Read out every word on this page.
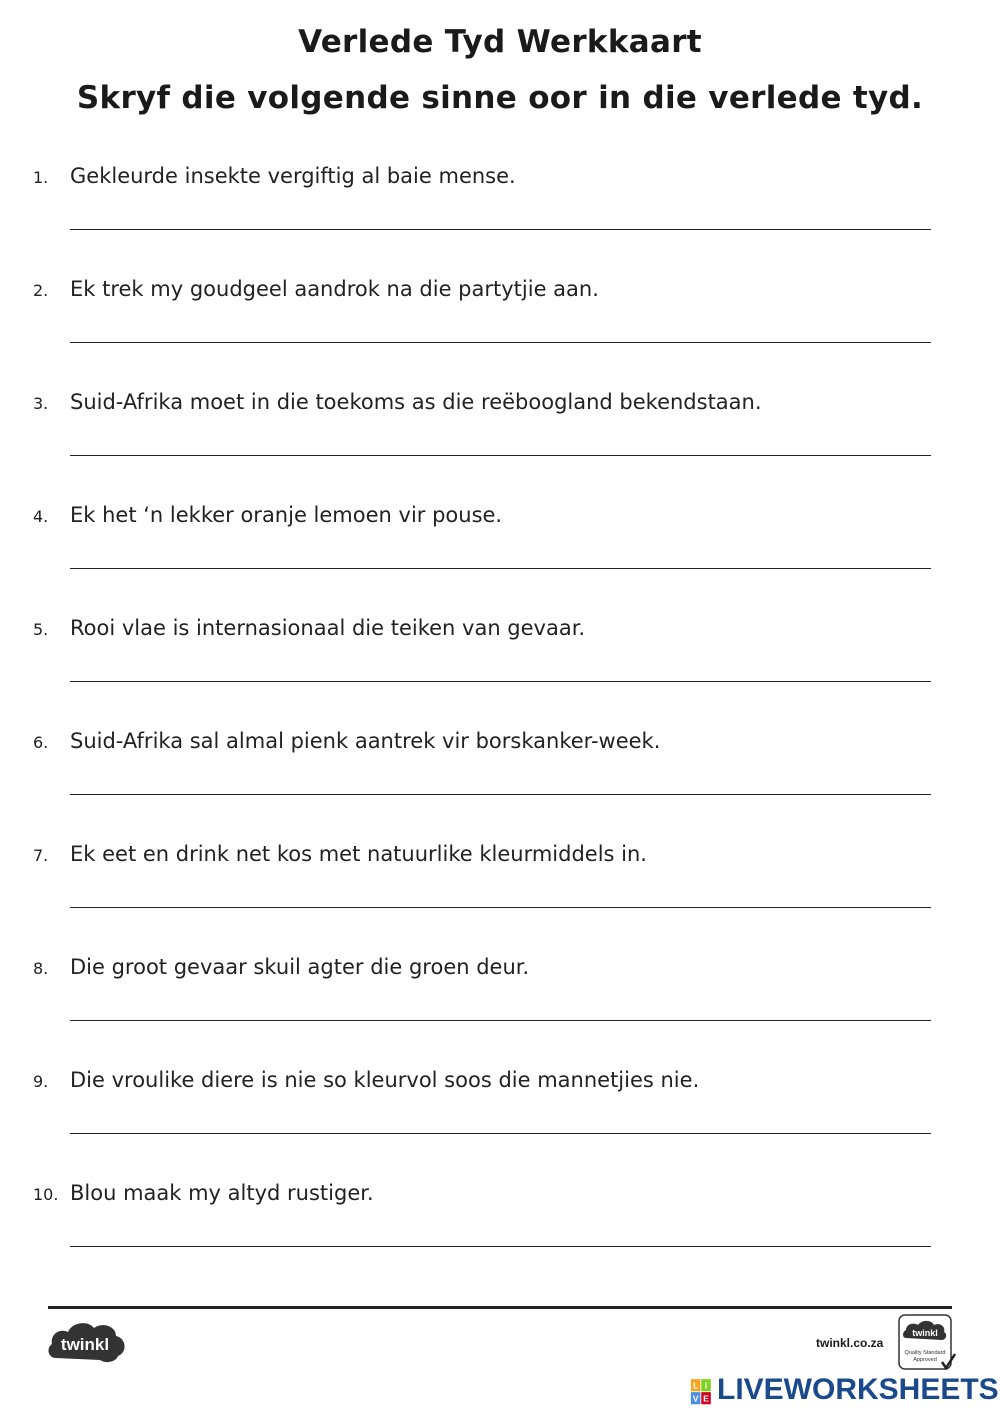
Verlede Tyd Werkkaart
Skryf die volgende sinne oor in die verlede tyd.
1. Gekleurde insekte vergiftig al baie mense.
2. Ek trek my goudgeel aandrok na die partytjie aan.
3. Suid-Afrika moet in die toekoms as die reëboogland bekendstaan.
4. Ek het ‘n lekker oranje lemoen vir pouse.
5. Rooi vlae is internasionaal die teiken van gevaar.
6. Suid-Afrika sal almal pienk aantrek vir borskanker-week.
7. Ek eet en drink net kos met natuurlike kleurmiddels in.
8. Die groot gevaar skuil agter die groen deur.
9. Die vroulike diere is nie so kleurvol soos die mannetjies nie.
10. Blou maak my altyd rustiger.
twinkl	twinkl.co.za
twinkl
Quality Standard
Approved
L I
V E LIVEWORKSHEETS
